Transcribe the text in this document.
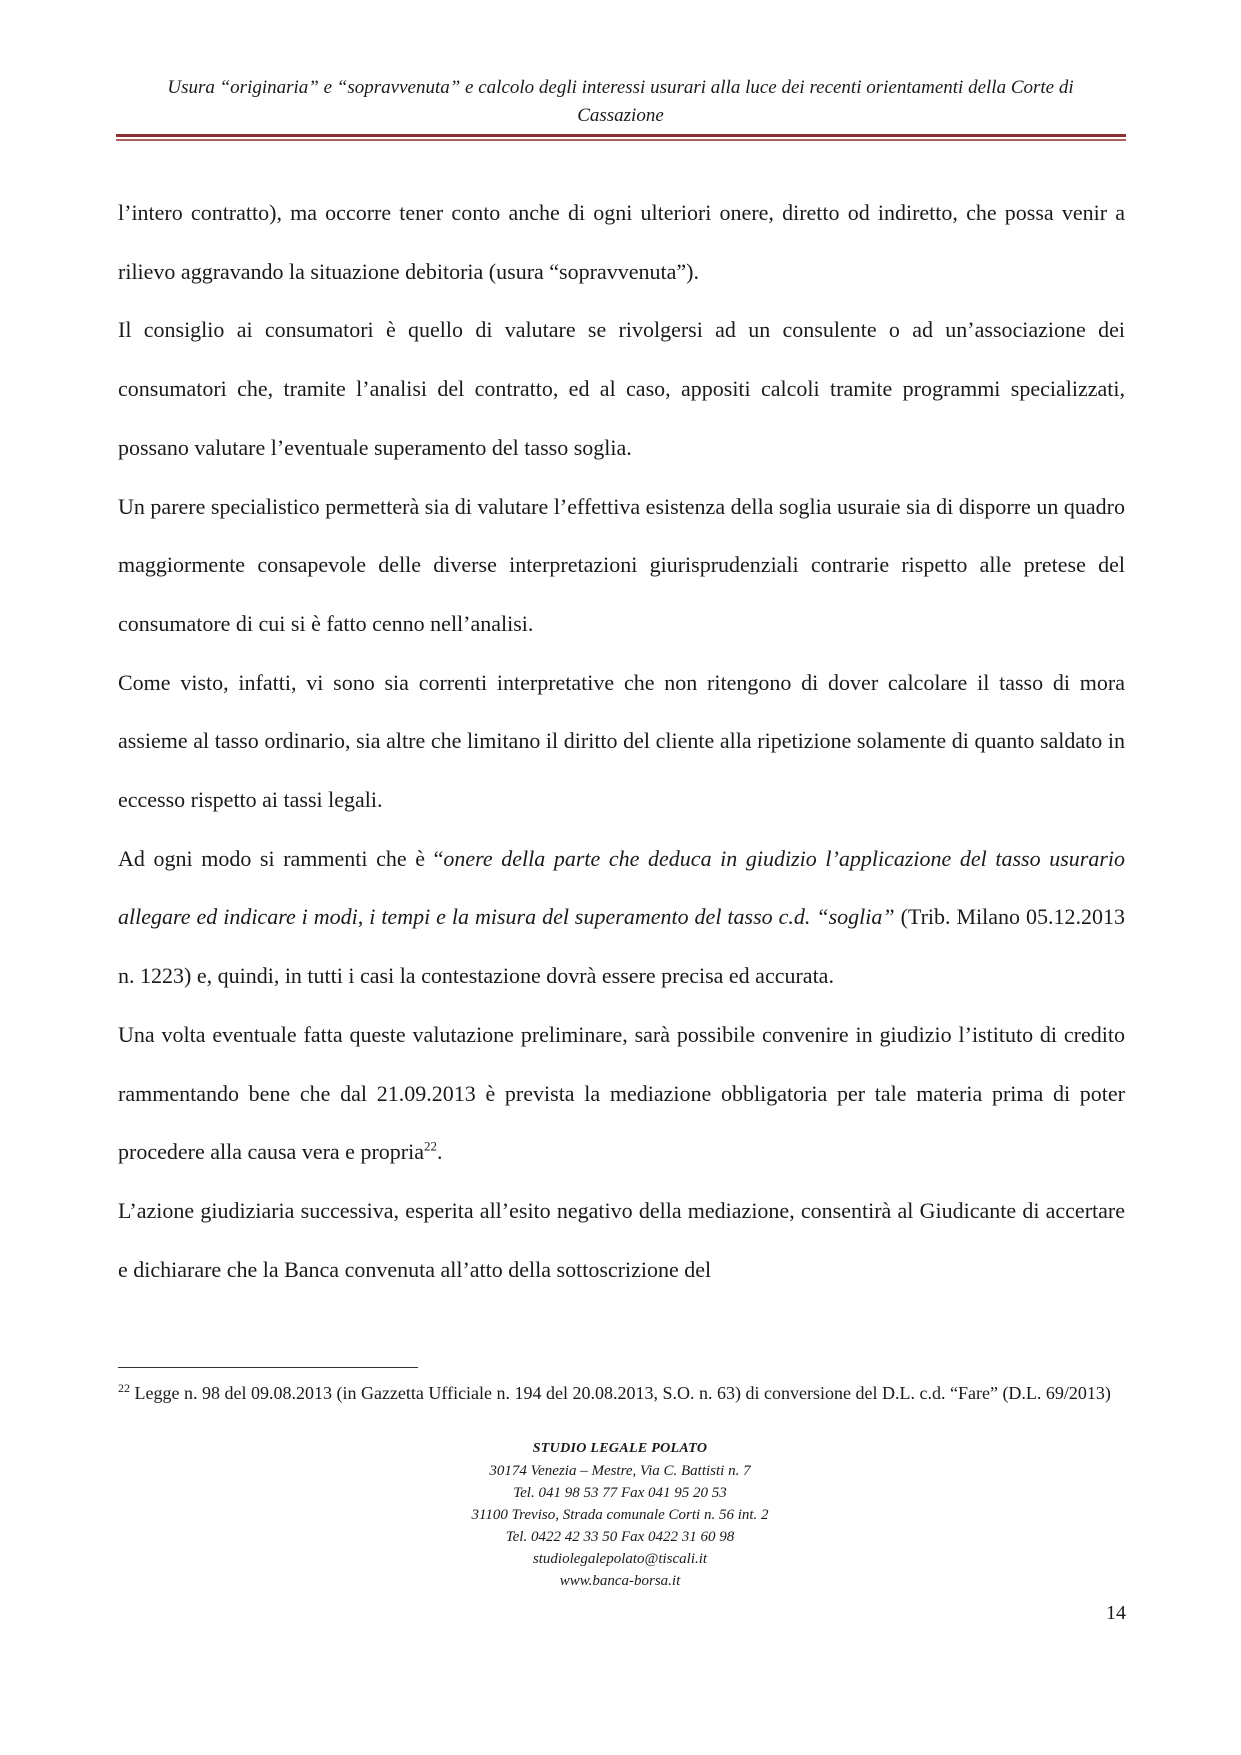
Usura “originaria” e “sopravvenuta” e calcolo degli interessi usurari alla luce dei recenti orientamenti della Corte di
Cassazione

l’intero contratto), ma occorre tener conto anche di ogni ulteriori onere, diretto od indiretto, che possa venir a rilievo aggravando la situazione debitoria (usura “sopravvenuta”).

Il consiglio ai consumatori è quello di valutare se rivolgersi ad un consulente o ad un’associazione dei consumatori che, tramite l’analisi del contratto, ed al caso, appositi calcoli tramite programmi specializzati, possano valutare l’eventuale superamento del tasso soglia.

Un parere specialistico permetterà sia di valutare l’effettiva esistenza della soglia usuraie sia di disporre un quadro maggiormente consapevole delle diverse interpretazioni giurisprudenziali contrarie rispetto alle pretese del consumatore di cui si è fatto cenno nell’analisi.

Come visto, infatti, vi sono sia correnti interpretative che non ritengono di dover calcolare il tasso di mora assieme al tasso ordinario, sia altre che limitano il diritto del cliente alla ripetizione solamente di quanto saldato in eccesso rispetto ai tassi legali.

Ad ogni modo si rammenti che è “onere della parte che deduca in giudizio l’applicazione del tasso usurario allegare ed indicare i modi, i tempi e la misura del superamento del tasso c.d. “soglia” (Trib. Milano 05.12.2013 n. 1223) e, quindi, in tutti i casi la contestazione dovrà essere precisa ed accurata.

Una volta eventuale fatta queste valutazione preliminare, sarà possibile convenire in giudizio l’istituto di credito rammentando bene che dal 21.09.2013 è prevista la mediazione obbligatoria per tale materia prima di poter procedere alla causa vera e propria$^{22}$.

L’azione giudiziaria successiva, esperita all’esito negativo della mediazione, consentirà al Giudicante di accertare e dichiarare che la Banca convenuta all’atto della sottoscrizione del

$^{22}$ Legge n. 98 del 09.08.2013 (in Gazzetta Ufficiale n. 194 del 20.08.2013, S.O. n. 63) di conversione del D.L. c.d. “Fare” (D.L. 69/2013)
STUDIO LEGALE POLATO
30174 Venezia – Mestre, Via C. Battisti n. 7
Tel. 041 98 53 77 Fax 041 95 20 53
31100 Treviso, Strada comunale Corti n. 56 int. 2
Tel. 0422 42 33 50 Fax 0422 31 60 98
studiolegalepolato@tiscali.it
www.banca-borsa.it
14
